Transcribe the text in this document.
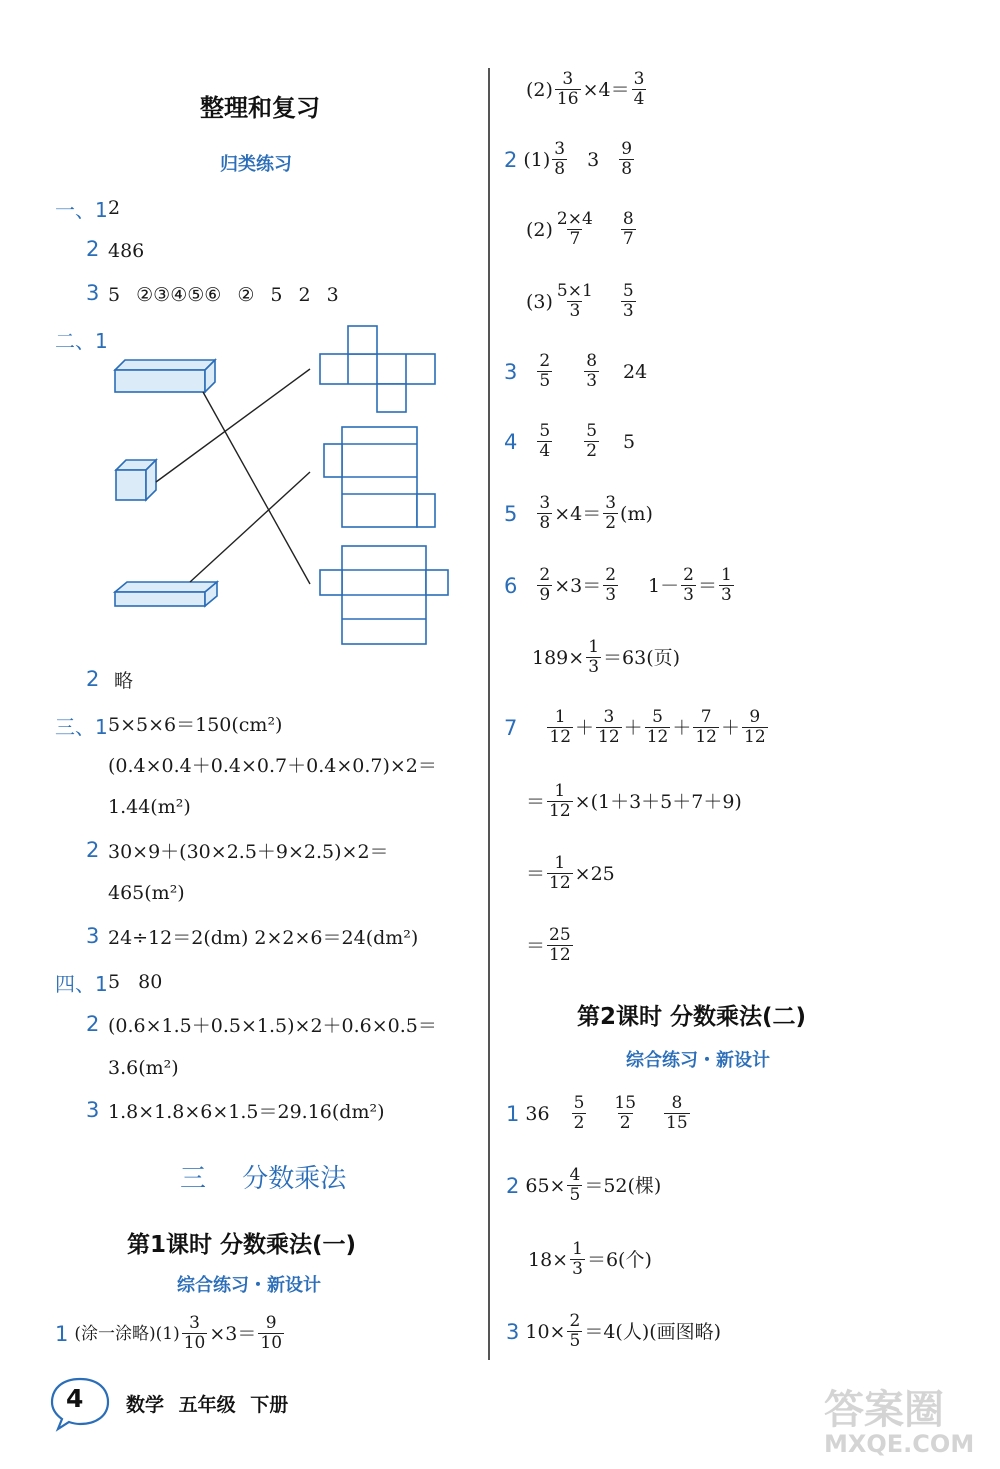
整理和复习
归类练习
一、1 2
2 486
3 5 ②③④⑤⑥ ② 5 2 3
二、1
2 略
三、1 5×5×6＝150(cm²)
(0.4×0.4＋0.4×0.7＋0.4×0.7)×2＝
1.44(m²)
2 30×9＋(30×2.5＋9×2.5)×2＝
465(m²)
3 24÷12＝2(dm) 2×2×6＝24(dm²)
四、1 5 80
2 (0.6×1.5＋0.5×1.5)×2＋0.6×0.5＝
3.6(m²)
3 1.8×1.8×6×1.5＝29.16(dm²)
三 分数乘法
第1课时 分数乘法(一)
综合练习・新设计
1 (涂一涂略)$(1) \frac{3}{10} \times 3= \frac{9}{10}$
$(2) \frac{3}{16} \times 4= \frac{3}{4}$
2 $(1) \frac{3}{8} 3 \frac{9}{8}$
$(2) \frac{2\times 4}{7} \frac{8}{7}$
$(3) \frac{5\times 1}{3} \frac{5}{3}$
$3 \frac{2}{5} \frac{8}{3} 24$
$4 \frac{5}{4} \frac{5}{2} 5$
$5 \frac{3}{8} \times 4= \frac{3}{2} (m)$
$6 \frac{2}{9} \times 3= \frac{2}{3} 1- \frac{2}{3} = \frac{1}{3}$
$189\times \frac{1}{3} =63$(页)
$7 \frac{1}{12} + \frac{3}{12} + \frac{5}{12} + \frac{7}{12} + \frac{9}{12}$
＝ $\frac{1}{12} \times(1+3+5+7+9)$
＝ $\frac{1}{12} \times 25$
＝ $\frac{25}{12}$
第2课时 分数乘法(二)
综合练习・新设计
1 $36 \frac{5}{2} \frac{15}{2} \frac{8}{15}$
2 $65\times \frac{4}{5} =52$(棵)
$18\times \frac{1}{3} =6$(个)
3 $10\times \frac{2}{5} =4$(人)(画图略)
4 数学 五年级 下册	答案圈
MXQE.COM
